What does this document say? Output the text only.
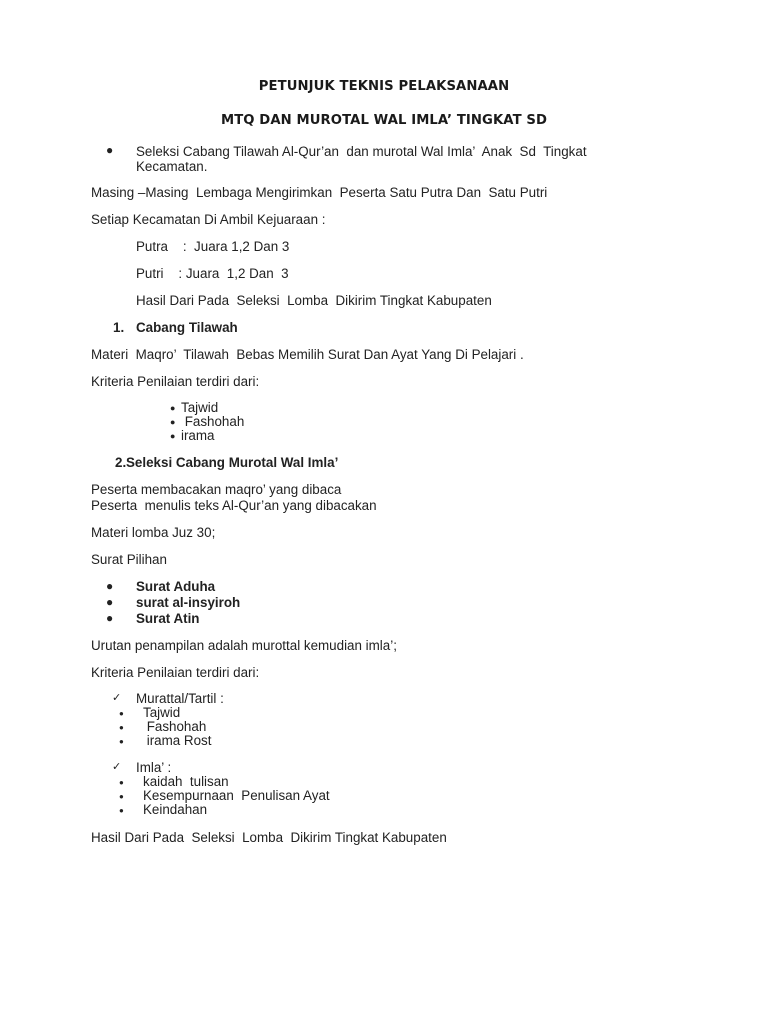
PETUNJUK TEKNIS PELAKSANAAN
MTQ DAN MUROTAL WAL IMLA’ TINGKAT SD
● Seleksi Cabang Tilawah Al-Qur’an  dan murotal Wal Imla’  Anak  Sd  Tingkat
Kecamatan.
Masing –Masing  Lembaga Mengirimkan  Peserta Satu Putra Dan  Satu Putri
Setiap Kecamatan Di Ambil Kejuaraan :
Putra    :  Juara 1,2 Dan 3
Putri    : Juara  1,2 Dan  3
Hasil Dari Pada  Seleksi  Lomba  Dikirim Tingkat Kabupaten
1. Cabang Tilawah
Materi  Maqro’  Tilawah  Bebas Memilih Surat Dan Ayat Yang Di Pelajari .
Kriteria Penilaian terdiri dari:
● Tajwid
● Fashohah
● irama
2. Seleksi Cabang Murotal Wal Imla’
Peserta membacakan maqro’ yang dibaca
Peserta  menulis teks Al-Qur’an yang dibacakan
Materi lomba Juz 30;
Surat Pilihan
● Surat Aduha
● surat al-insyiroh
● Surat Atin
Urutan penampilan adalah murottal kemudian imla’;
Kriteria Penilaian terdiri dari:
✓ Murattal/Tartil :
● Tajwid
● Fashohah
● irama Rost
✓ Imla’ :
● kaidah  tulisan
● Kesempurnaan  Penulisan Ayat
● Keindahan
Hasil Dari Pada  Seleksi  Lomba  Dikirim Tingkat Kabupaten
